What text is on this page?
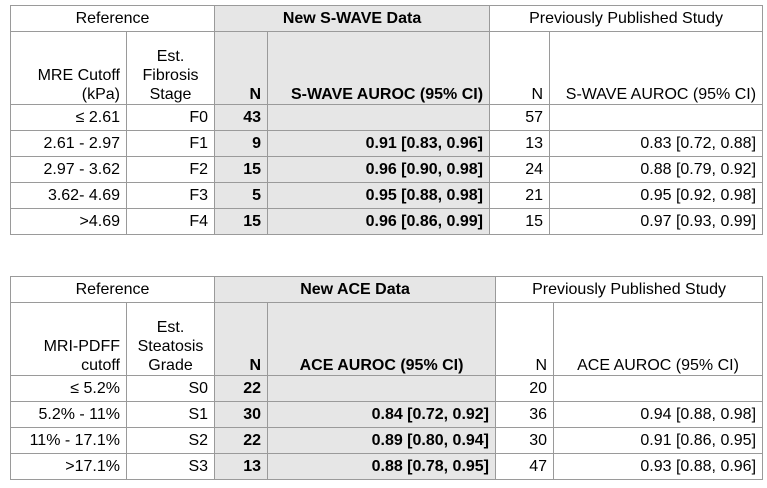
Reference		New S-WAVE Data		Previously Published Study	

MRE Cutoff
(kPa)	Est.
Fibrosis
Stage	N	S-WAVE AUROC (95% CI)	N	S-WAVE AUROC (95% CI)
≤ 2.61	F0	43		57	
2.61 - 2.97	F1	9	0.91 [0.83, 0.96]	13	0.83 [0.72, 0.88]
2.97 - 3.62	F2	15	0.96 [0.90, 0.98]	24	0.88 [0.79, 0.92]
3.62- 4.69	F3	5	0.95 [0.88, 0.98]	21	0.95 [0.92, 0.98]
>4.69	F4	15	0.96 [0.86, 0.99]	15	0.97 [0.93, 0.99]
Reference		New ACE Data		Previously Published Study	

MRI-PDFF
cutoff	Est.
Steatosis
Grade	N	ACE AUROC (95% CI)	N	ACE AUROC (95% CI)
≤ 5.2%	S0	22		20	
5.2% - 11%	S1	30	0.84 [0.72, 0.92]	36	0.94 [0.88, 0.98]
11% - 17.1%	S2	22	0.89 [0.80, 0.94]	30	0.91 [0.86, 0.95]
>17.1%	S3	13	0.88 [0.78, 0.95]	47	0.93 [0.88, 0.96]
